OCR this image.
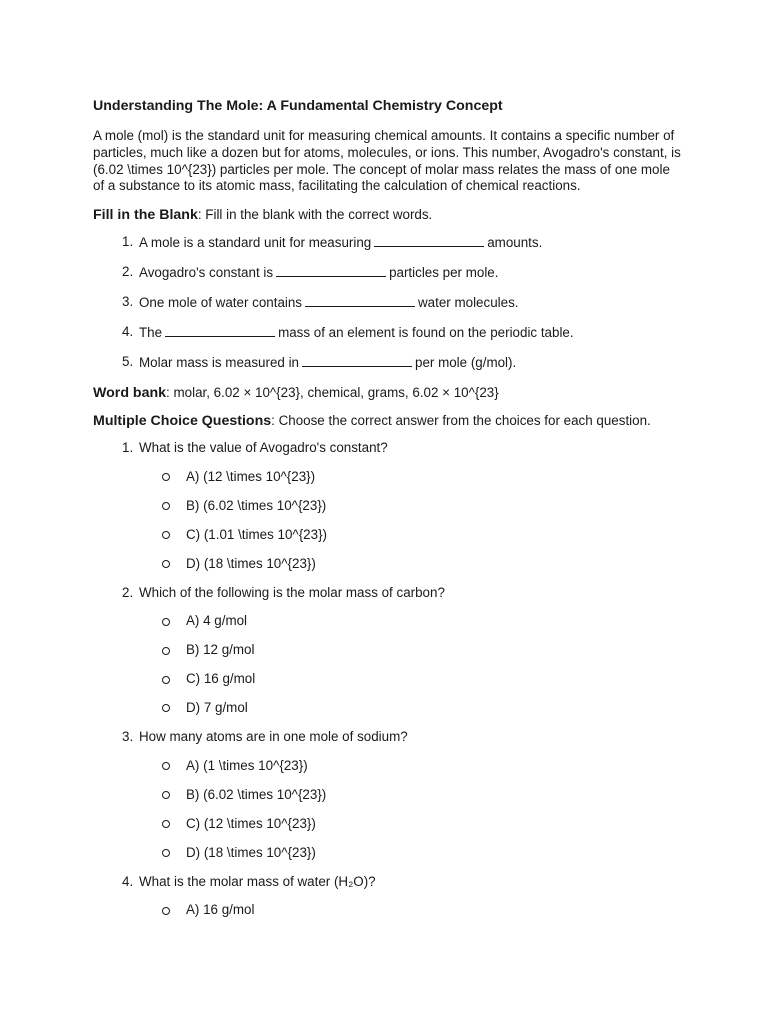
Understanding The Mole: A Fundamental Chemistry Concept
A mole (mol) is the standard unit for measuring chemical amounts. It contains a specific number of particles, much like a dozen but for atoms, molecules, or ions. This number, Avogadro's constant, is (6.02 \times 10^{23}) particles per mole. The concept of molar mass relates the mass of one mole of a substance to its atomic mass, facilitating the calculation of chemical reactions.
Fill in the Blank: Fill in the blank with the correct words.
1. A mole is a standard unit for measuring	amounts.
2. Avogadro's constant is	particles per mole.
3. One mole of water contains	water molecules.
4. The	mass of an element is found on the periodic table.
5. Molar mass is measured in	per mole (g/mol).
Word bank: molar, 6.02 × 10^{23}, chemical, grams, 6.02 × 10^{23}
Multiple Choice Questions: Choose the correct answer from the choices for each question.
1. What is the value of Avogadro's constant?
A) (12 \times 10^{23})
B) (6.02 \times 10^{23})
C) (1.01 \times 10^{23})
D) (18 \times 10^{23})
2. Which of the following is the molar mass of carbon?
A) 4 g/mol
B) 12 g/mol
C) 16 g/mol
D) 7 g/mol
3. How many atoms are in one mole of sodium?
A) (1 \times 10^{23})
B) (6.02 \times 10^{23})
C) (12 \times 10^{23})
D) (18 \times 10^{23})
4. What is the molar mass of water (H₂O)?
A) 16 g/mol
